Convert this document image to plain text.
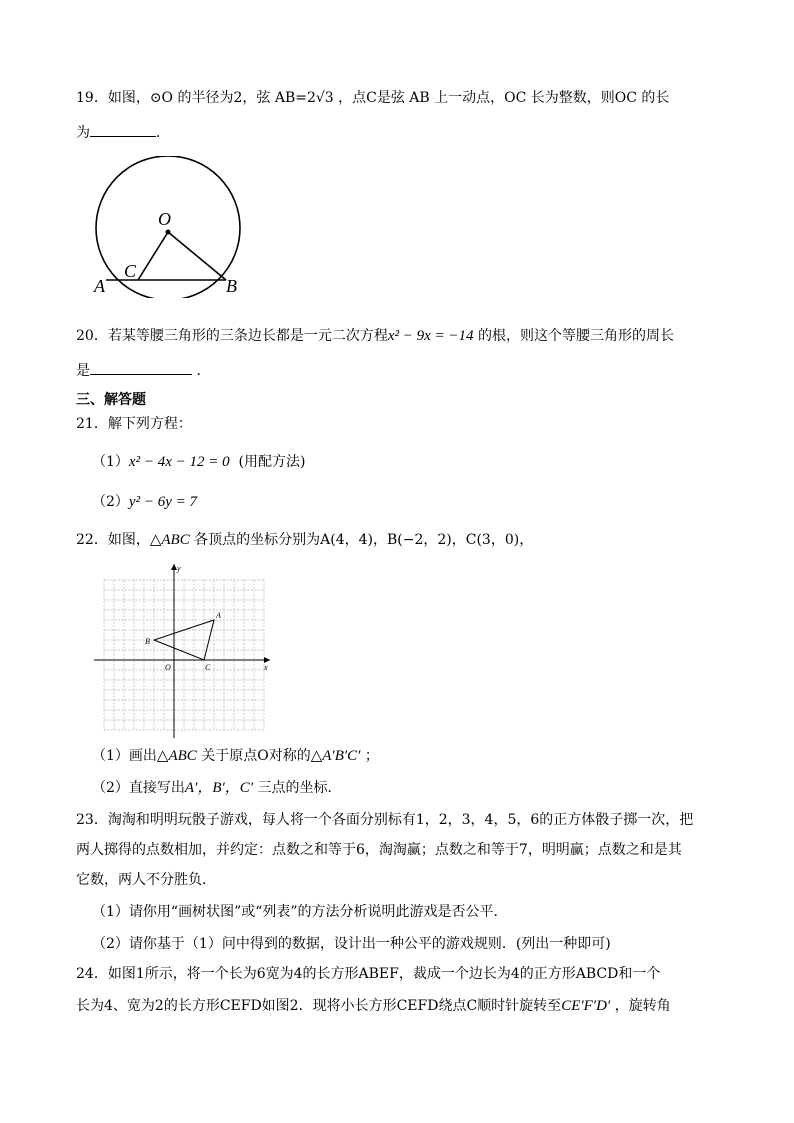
19．如图，⊙O 的半径为2，弦 AB=2√3 ，点C是弦 AB 上一动点，OC 长为整数，则OC 的长
为	．
O
C
A	B
20．若某等腰三角形的三条边长都是一元二次方程x² − 9x = −14 的根，则这个等腰三角形的周长
是	．
三、解答题
21．解下列方程：
（1）x² − 4x − 12 = 0 (用配方法)
（2）y² − 6y = 7
22．如图，△ABC 各顶点的坐标分别为A(4，4)，B(−2，2)，C(3，0)，
A
B
C
O	x
y
（1）画出△ABC 关于原点O对称的△A′B′C′ ；
（2）直接写出A′，B′，C′ 三点的坐标．
23．淘淘和明明玩骰子游戏，每人将一个各面分别标有1，2，3，4，5，6的正方体骰子掷一次，把
两人掷得的点数相加，并约定：点数之和等于6，淘淘赢；点数之和等于7，明明赢；点数之和是其
它数，两人不分胜负．
（1）请你用“画树状图”或“列表”的方法分析说明此游戏是否公平．
（2）请你基于（1）问中得到的数据，设计出一种公平的游戏规则．(列出一种即可)
24．如图1所示，将一个长为6宽为4的长方形ABEF，裁成一个边长为4的正方形ABCD和一个
长为4、宽为2的长方形CEFD如图2．现将小长方形CEFD绕点C顺时针旋转至CE′F′D′ ，旋转角
